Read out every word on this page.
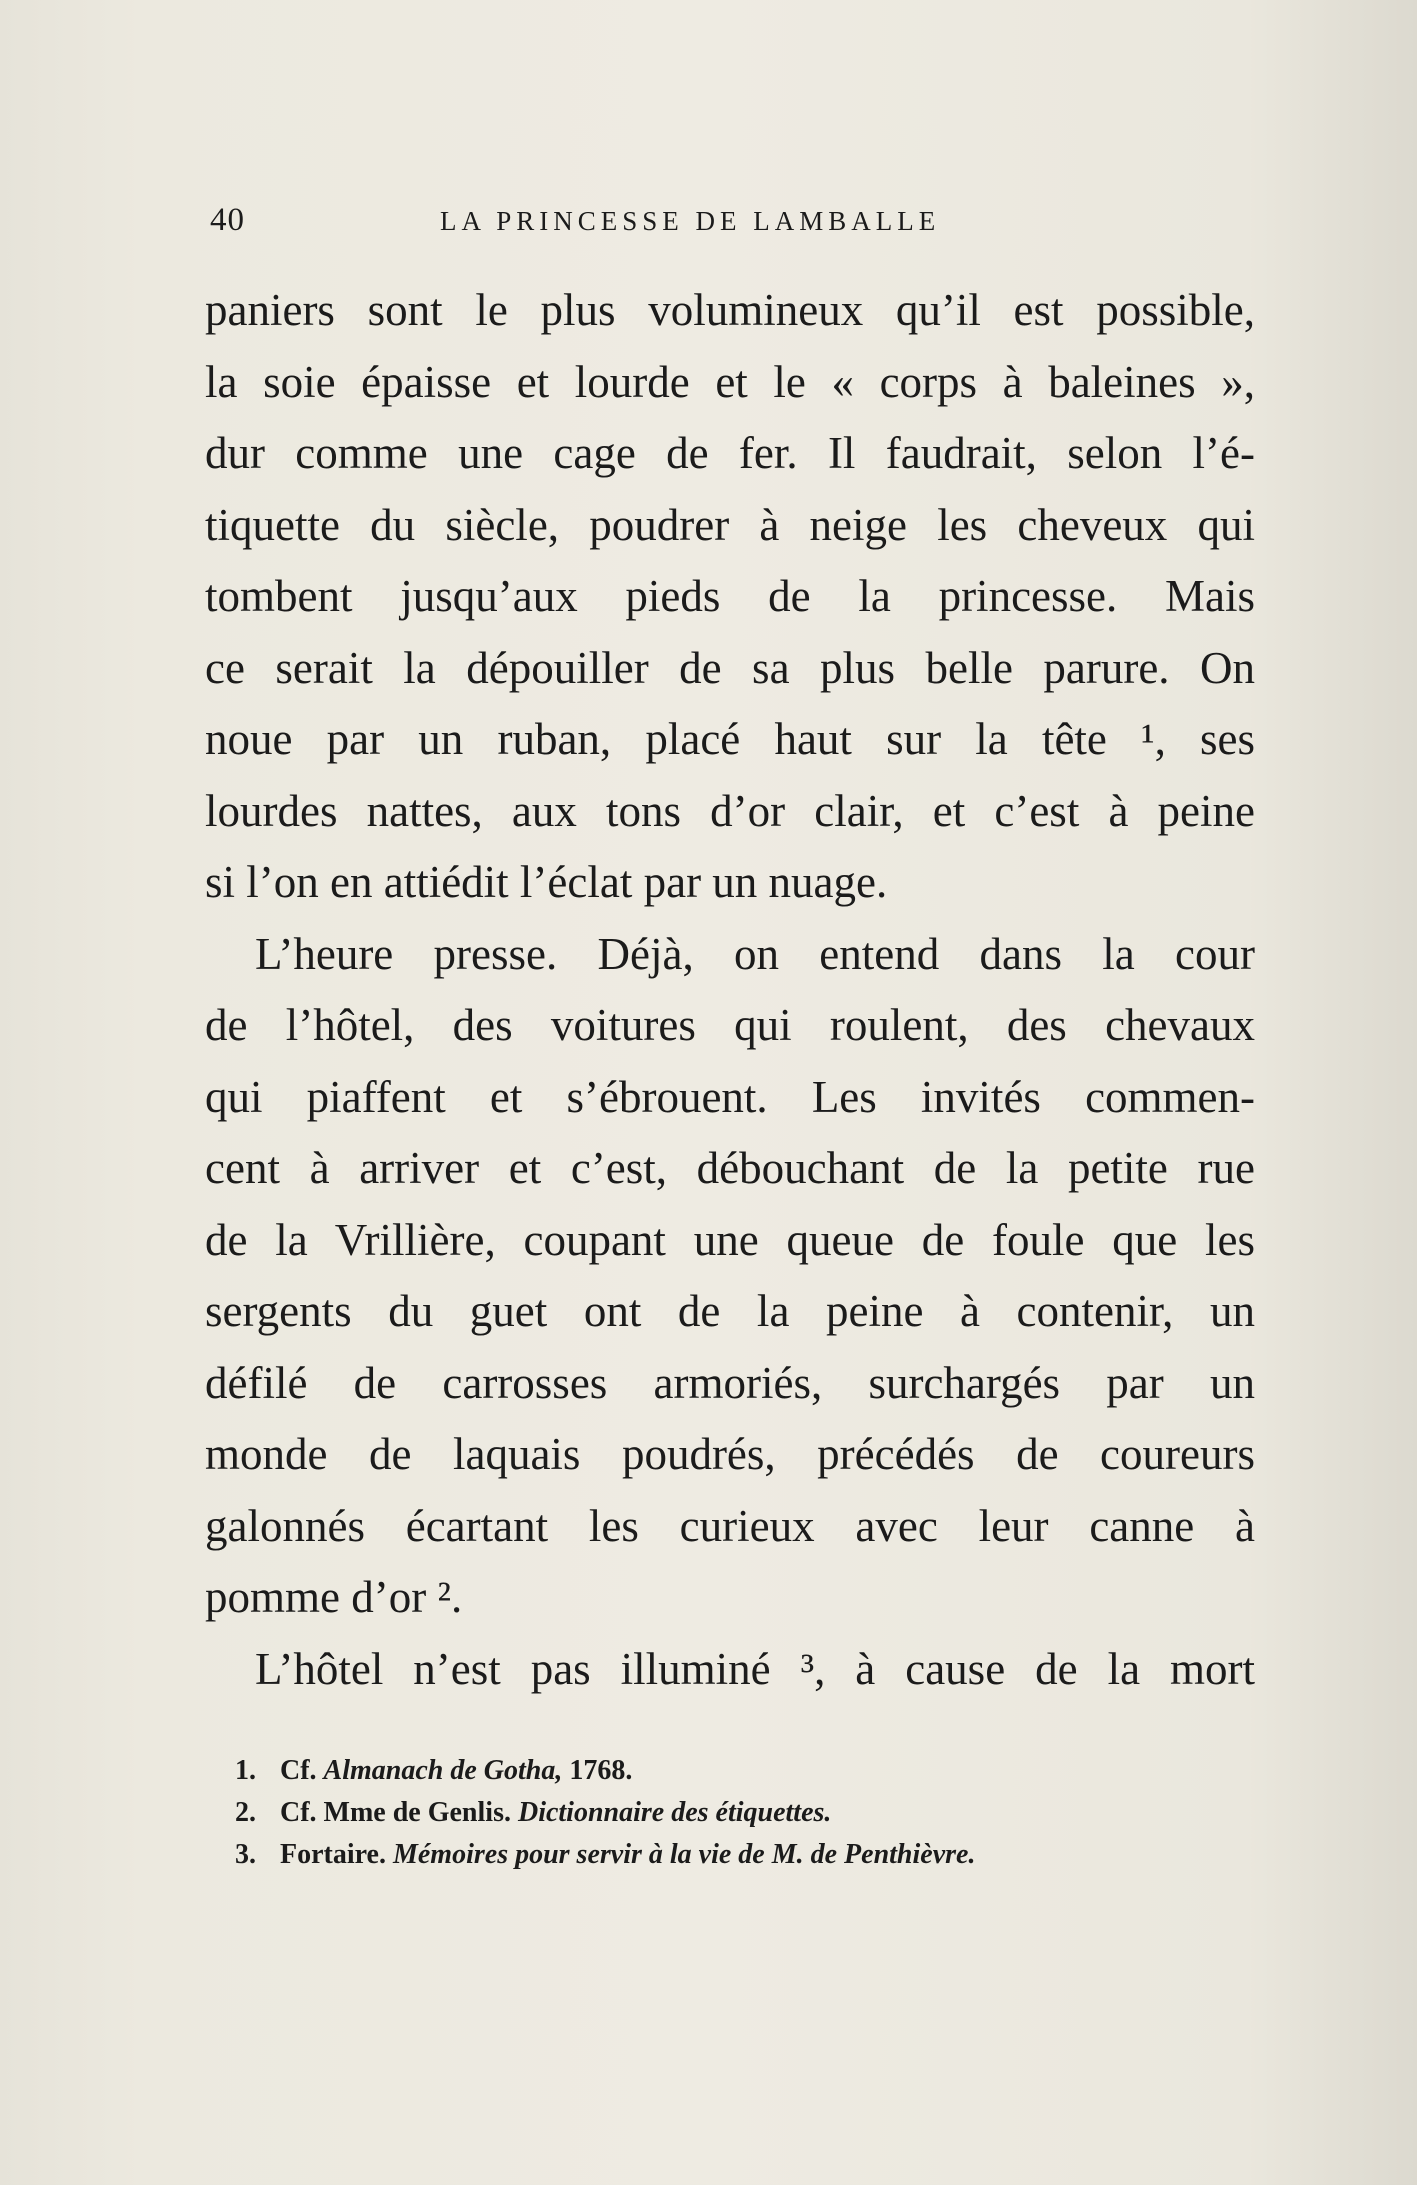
40	LA PRINCESSE DE LAMBALLE
paniers sont le plus volumineux qu’il est possible,
la soie épaisse et lourde et le « corps à baleines »,
dur comme une cage de fer. Il faudrait, selon l’é-
tiquette du siècle, poudrer à neige les cheveux qui
tombent jusqu’aux pieds de la princesse. Mais
ce serait la dépouiller de sa plus belle parure. On
noue par un ruban, placé haut sur la tête ¹, ses
lourdes nattes, aux tons d’or clair, et c’est à peine
si l’on en attiédit l’éclat par un nuage.
L’heure presse. Déjà, on entend dans la cour
de l’hôtel, des voitures qui roulent, des chevaux
qui piaffent et s’ébrouent. Les invités commen-
cent à arriver et c’est, débouchant de la petite rue
de la Vrillière, coupant une queue de foule que les
sergents du guet ont de la peine à contenir, un
défilé de carrosses armoriés, surchargés par un
monde de laquais poudrés, précédés de coureurs
galonnés écartant les curieux avec leur canne à
pomme d’or ².
L’hôtel n’est pas illuminé ³, à cause de la mort
1. Cf. Almanach de Gotha, 1768.
2. Cf. Mme de Genlis. Dictionnaire des étiquettes.
3. Fortaire. Mémoires pour servir à la vie de M. de Penthièvre.
